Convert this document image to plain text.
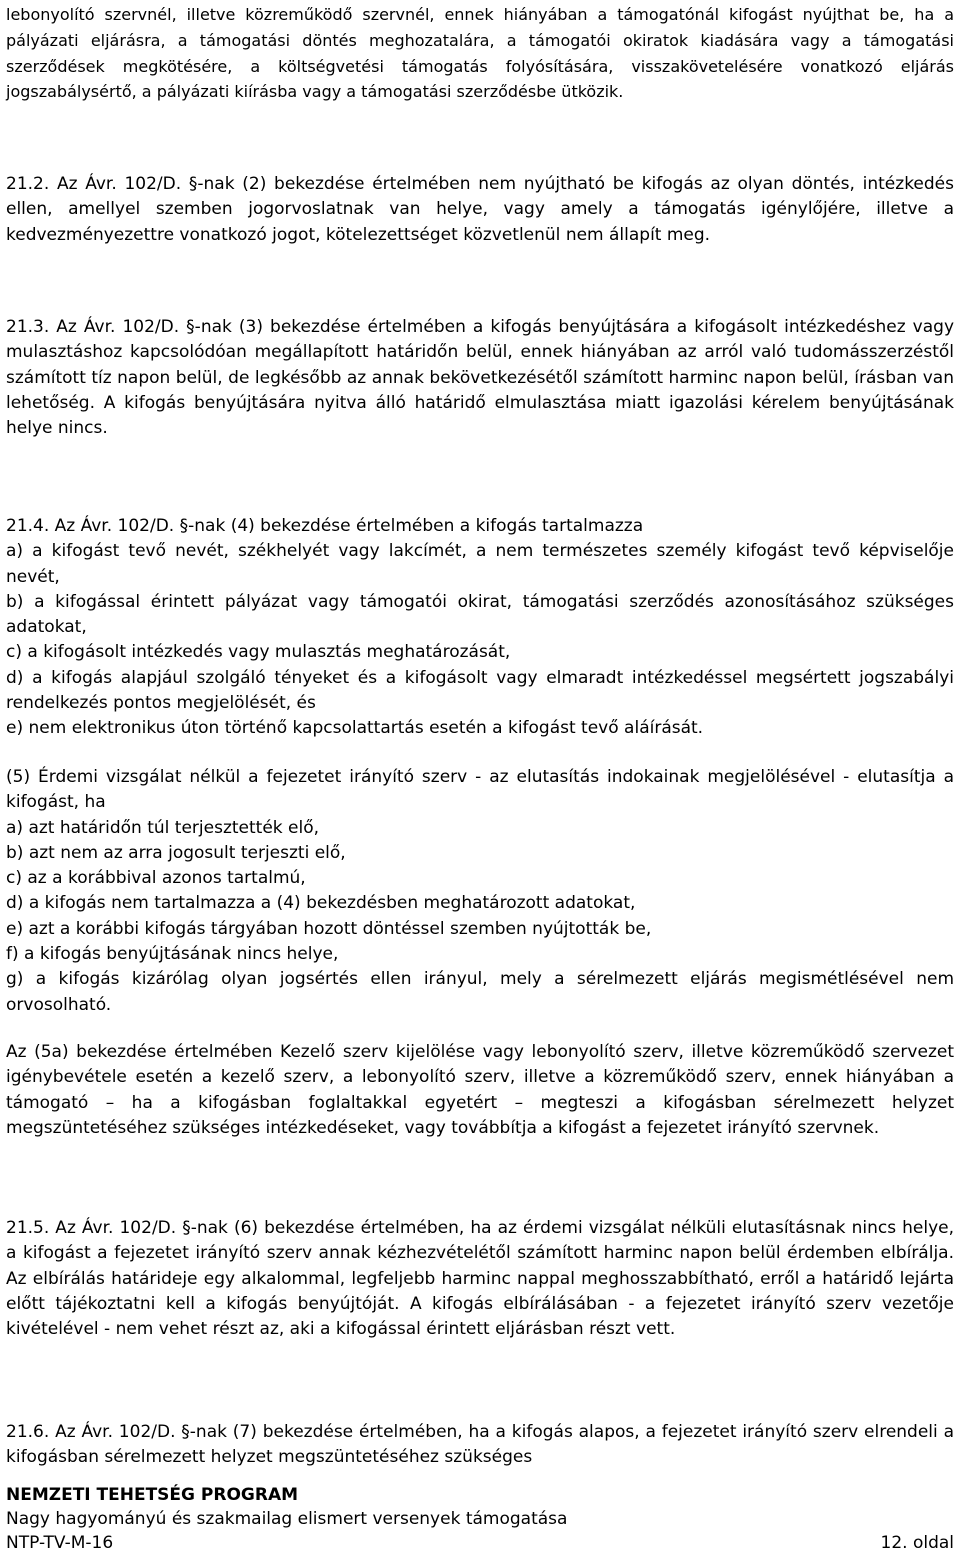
lebonyolító szervnél, illetve közreműködő szervnél, ennek hiányában a támogatónál kifogást nyújthat be, ha a pályázati eljárásra, a támogatási döntés meghozatalára, a támogatói okiratok kiadására vagy a támogatási szerződések megkötésére, a költségvetési támogatás folyósítására, visszakövetelésére vonatkozó eljárás jogszabálysértő, a pályázati kiírásba vagy a támogatási szerződésbe ütközik.

21.2. Az Ávr. 102/D. §-nak (2) bekezdése értelmében nem nyújtható be kifogás az olyan döntés, intézkedés ellen, amellyel szemben jogorvoslatnak van helye, vagy amely a támogatás igénylőjére, illetve a kedvezményezettre vonatkozó jogot, kötelezettséget közvetlenül nem állapít meg.

21.3. Az Ávr. 102/D. §-nak (3) bekezdése értelmében a kifogás benyújtására a kifogásolt intézkedéshez vagy mulasztáshoz kapcsolódóan megállapított határidőn belül, ennek hiányában az arról való tudomásszerzéstől számított tíz napon belül, de legkésőbb az annak bekövetkezésétől számított harminc napon belül, írásban van lehetőség. A kifogás benyújtására nyitva álló határidő elmulasztása miatt igazolási kérelem benyújtásának helye nincs.

21.4. Az Ávr. 102/D. §-nak (4) bekezdése értelmében a kifogás tartalmazza

a) a kifogást tevő nevét, székhelyét vagy lakcímét, a nem természetes személy kifogást tevő képviselője nevét,

b) a kifogással érintett pályázat vagy támogatói okirat, támogatási szerződés azonosításához szükséges adatokat,

c) a kifogásolt intézkedés vagy mulasztás meghatározását,

d) a kifogás alapjául szolgáló tényeket és a kifogásolt vagy elmaradt intézkedéssel megsértett jogszabályi rendelkezés pontos megjelölését, és

e) nem elektronikus úton történő kapcsolattartás esetén a kifogást tevő aláírását.

(5) Érdemi vizsgálat nélkül a fejezetet irányító szerv - az elutasítás indokainak megjelölésével - elutasítja a kifogást, ha

a) azt határidőn túl terjesztették elő,

b) azt nem az arra jogosult terjeszti elő,

c) az a korábbival azonos tartalmú,

d) a kifogás nem tartalmazza a (4) bekezdésben meghatározott adatokat,

e) azt a korábbi kifogás tárgyában hozott döntéssel szemben nyújtották be,

f) a kifogás benyújtásának nincs helye,

g) a kifogás kizárólag olyan jogsértés ellen irányul, mely a sérelmezett eljárás megismétlésével nem orvosolható.

Az (5a) bekezdése értelmében Kezelő szerv kijelölése vagy lebonyolító szerv, illetve közreműködő szervezet igénybevétele esetén a kezelő szerv, a lebonyolító szerv, illetve a közreműködő szerv, ennek hiányában a támogató – ha a kifogásban foglaltakkal egyetért – megteszi a kifogásban sérelmezett helyzet megszüntetéséhez szükséges intézkedéseket, vagy továbbítja a kifogást a fejezetet irányító szervnek.

21.5. Az Ávr. 102/D. §-nak (6) bekezdése értelmében, ha az érdemi vizsgálat nélküli elutasításnak nincs helye, a kifogást a fejezetet irányító szerv annak kézhezvételétől számított harminc napon belül érdemben elbírálja. Az elbírálás határideje egy alkalommal, legfeljebb harminc nappal meghosszabbítható, erről a határidő lejárta előtt tájékoztatni kell a kifogás benyújtóját. A kifogás elbírálásában - a fejezetet irányító szerv vezetője kivételével - nem vehet részt az, aki a kifogással érintett eljárásban részt vett.

21.6. Az Ávr. 102/D. §-nak (7) bekezdése értelmében, ha a kifogás alapos, a fejezetet irányító szerv elrendeli a kifogásban sérelmezett helyzet megszüntetéséhez szükséges

NEMZETI TEHETSÉG PROGRAM
Nagy hagyományú és szakmailag elismert versenyek támogatása
NTP-TV-M-16	12. oldal
